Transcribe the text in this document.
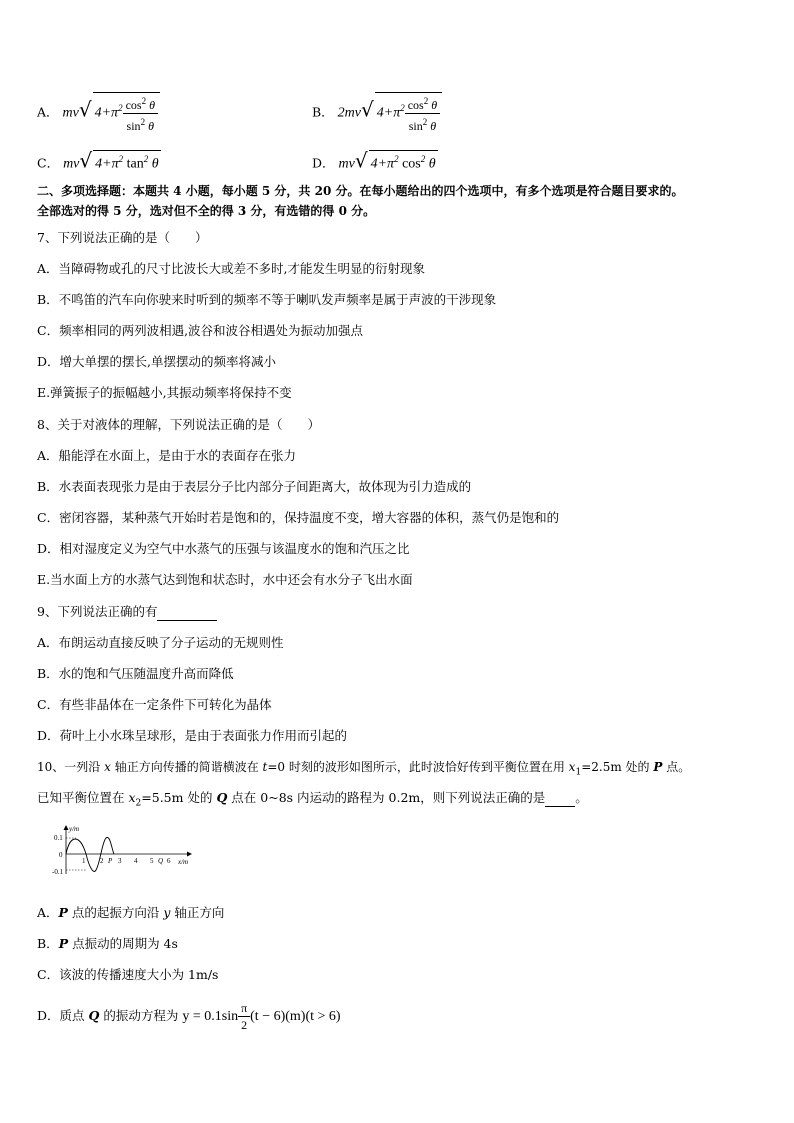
A． mv√ $4+\pi^2 \frac{\cos^2 \theta}{\sin^2 \theta}$	B． 2mv√ $4+\pi^2 \frac{\cos^2 \theta}{\sin^2 \theta}$
C． mv√ $4+\pi^2$ $\tan^2 \theta$	D． mv√ $4+\pi^2$ $\cos^2 \theta$
二、多项选择题：本题共 4 小题，每小题 5 分，共 20 分。在每小题给出的四个选项中，有多个选项是符合题目要求的。
全部选对的得 5 分，选对但不全的得 3 分，有选错的得 0 分。
7、下列说法正确的是（　　）
A．当障碍物或孔的尺寸比波长大或差不多时,才能发生明显的衍射现象
B．不鸣笛的汽车向你驶来时听到的频率不等于喇叭发声频率是属于声波的干涉现象
C．频率相同的两列波相遇,波谷和波谷相遇处为振动加强点
D．增大单摆的摆长,单摆摆动的频率将减小
E.弹簧振子的振幅越小,其振动频率将保持不变
8、关于对液体的理解，下列说法正确的是（　　）
A．船能浮在水面上，是由于水的表面存在张力
B．水表面表现张力是由于表层分子比内部分子间距离大，故体现为引力造成的
C．密闭容器，某种蒸气开始时若是饱和的，保持温度不变，增大容器的体积，蒸气仍是饱和的
D．相对湿度定义为空气中水蒸气的压强与该温度水的饱和汽压之比
E.当水面上方的水蒸气达到饱和状态时，水中还会有水分子飞出水面
9、下列说法正确的有
A．布朗运动直接反映了分子运动的无规则性
B．水的饱和气压随温度升高而降低
C．有些非晶体在一定条件下可转化为晶体
D．荷叶上小水珠呈球形，是由于表面张力作用而引起的
10、一列沿 x 轴正方向传播的简谐横波在 t=0 时刻的波形如图所示，此时波恰好传到平衡位置在用 $x_1=2.5m$ 处的 P 点。
已知平衡位置在 $x_2=5.5m$ 处的 Q 点在 0~8s 内运动的路程为 0.2m，则下列说法正确的是 。
y/m
x/m
0.1
0
-0.1
1 2 P 3 4 5 Q 6
A．P 点的起振方向沿 y 轴正方向
B．P 点振动的周期为 4s
C．该波的传播速度大小为 1m/s
D．质点 Q 的振动方程为 $y = 0.1\sin \frac{\pi}{2} (t - 6)(m)(t > 6)$
